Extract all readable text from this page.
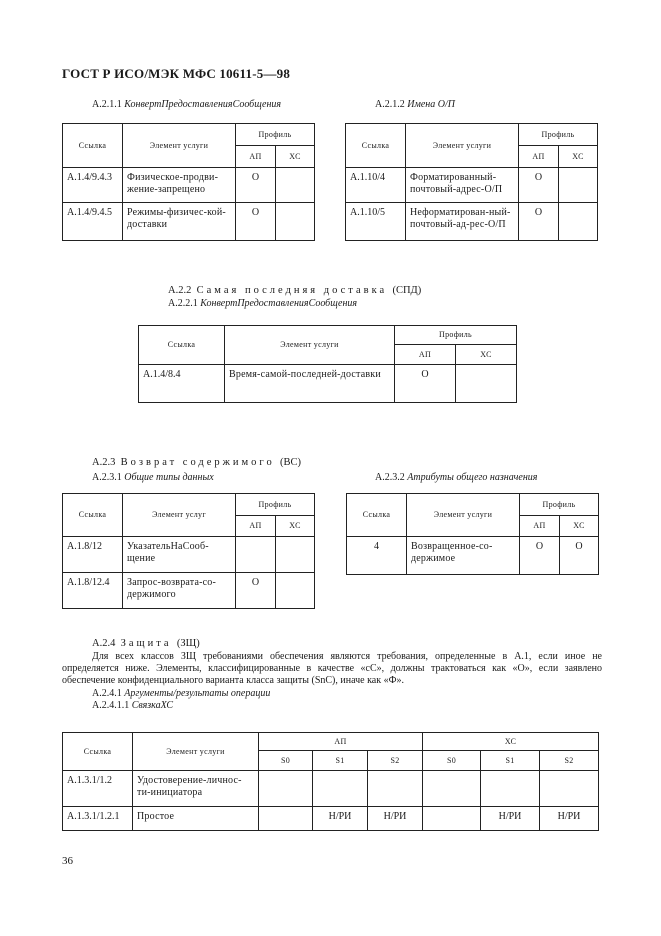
ГОСТ Р ИСО/МЭК МФС 10611-5—98
А.2.1.1 КонвертПредоставленияСообщения
Ссылка	Элемент услуги	Профиль	
		АП	ХС
А.1.4/9.4.3	Физическое-продви-жение-запрещено	О	
А.1.4/9.4.5	Режимы-физичес-кой-доставки	О	
А.2.1.2 Имена О/П
Ссылка	Элемент услуги	Профиль	
		АП	ХС
А.1.10/4	Форматированный-почтовый-адрес-О/П	О	
А.1.10/5	Неформатирован-ный-почтовый-ад-рес-О/П	О	
А.2.2 Самая последняя доставка (СПД)
А.2.2.1 КонвертПредоставленияСообщения
Ссылка	Элемент услуги	Профиль	
		АП	ХС
А.1.4/8.4	Время-самой-последней-доставки	О	
А.2.3 Возврат содержимого (ВС)
А.2.3.1 Общие типы данных
Ссылка	Элемент услуг	Профиль	
		АП	ХС
А.1.8/12	УказательНаСооб-щение		
А.1.8/12.4	Запрос-возврата-со-держимого	О	
А.2.3.2 Атрибуты общего назначения
Ссылка	Элемент услуги	Профиль	
		АП	ХС
4	Возвращенное-со-держимое	О	О
А.2.4 Защита (ЗЩ)
Для всех классов ЗЩ требованиями обеспечения являются требования, определенные в А.1, если иное не определяется ниже. Элементы, классифицированные в качестве «сС», должны трактоваться как «О», если заявлено обеспечение конфиденциального варианта класса защиты (SnC), иначе как «Ф».
А.2.4.1 Аргументы/результаты операции
А.2.4.1.1 СвязкаХС
Ссылка	Элемент услуги	АП			ХС		
		S0	S1	S2	S0	S1	S2
А.1.3.1/1.2	Удостоверение-личнос-ти-инициатора						
А.1.3.1/1.2.1	Простое		Н/РИ	Н/РИ		Н/РИ	Н/РИ
36
